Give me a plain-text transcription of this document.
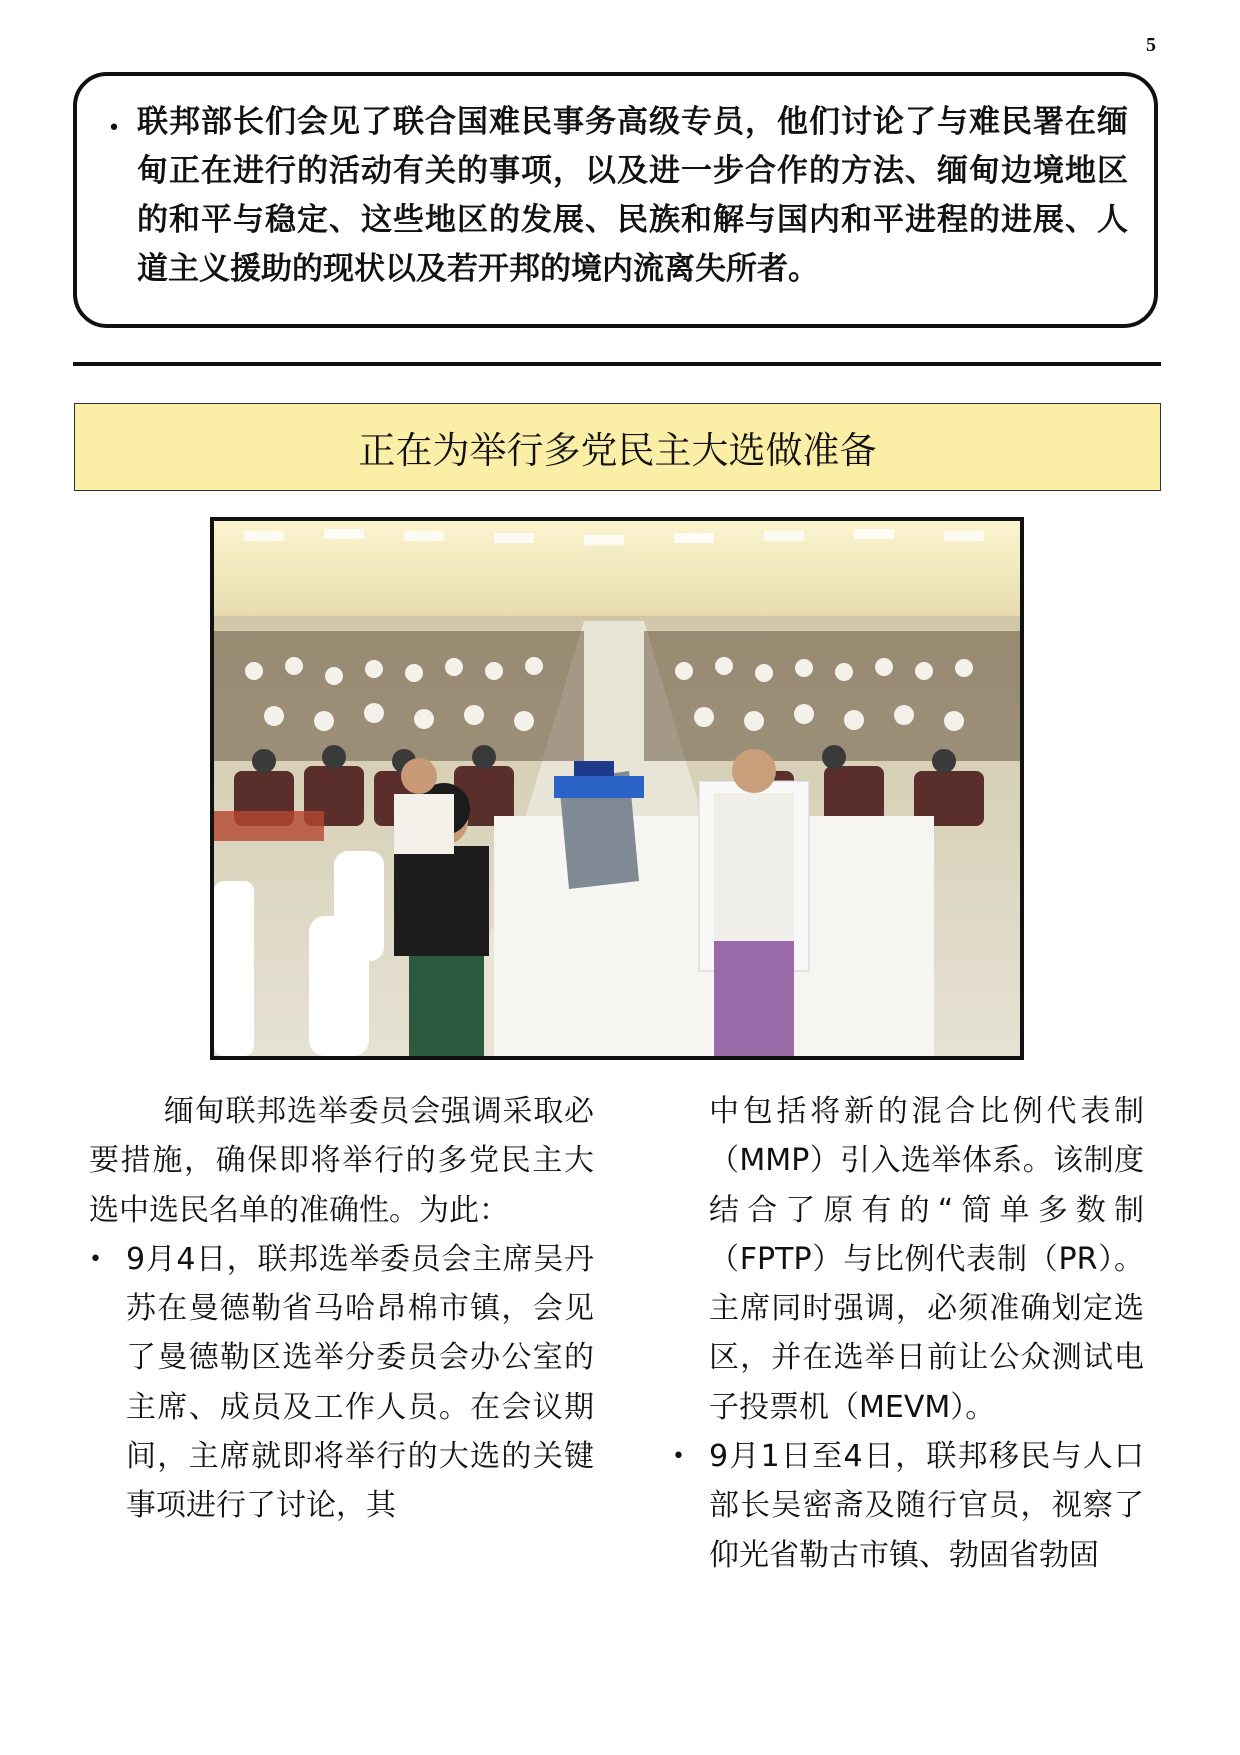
5
• 联邦部长们会见了联合国难民事务高级专员，他们讨论了与难民署在缅甸正在进行的活动有关的事项，以及进一步合作的方法、缅甸边境地区的和平与稳定、这些地区的发展、民族和解与国内和平进程的进展、人道主义援助的现状以及若开邦的境内流离失所者。
正在为举行多党民主大选做准备

缅甸联邦选举委员会强调采取必要措施，确保即将举行的多党民主大选中选民名单的准确性。为此：

• 9月4日，联邦选举委员会主席吴丹苏在曼德勒省马哈昂棉市镇，会见了曼德勒区选举分委员会办公室的主席、成员及工作人员。在会议期间，主席就即将举行的大选的关键事项进行了讨论，其
中包括将新的混合比例代表制（MMP）引入选举体系。该制度结合了原有的“简单多数制（FPTP）与比例代表制（PR）。主席同时强调，必须准确划定选区，并在选举日前让公众测试电子投票机（MEVM）。
• 9月1日至4日，联邦移民与人口部长吴密斋及随行官员，视察了仰光省勒古市镇、勃固省勃固
